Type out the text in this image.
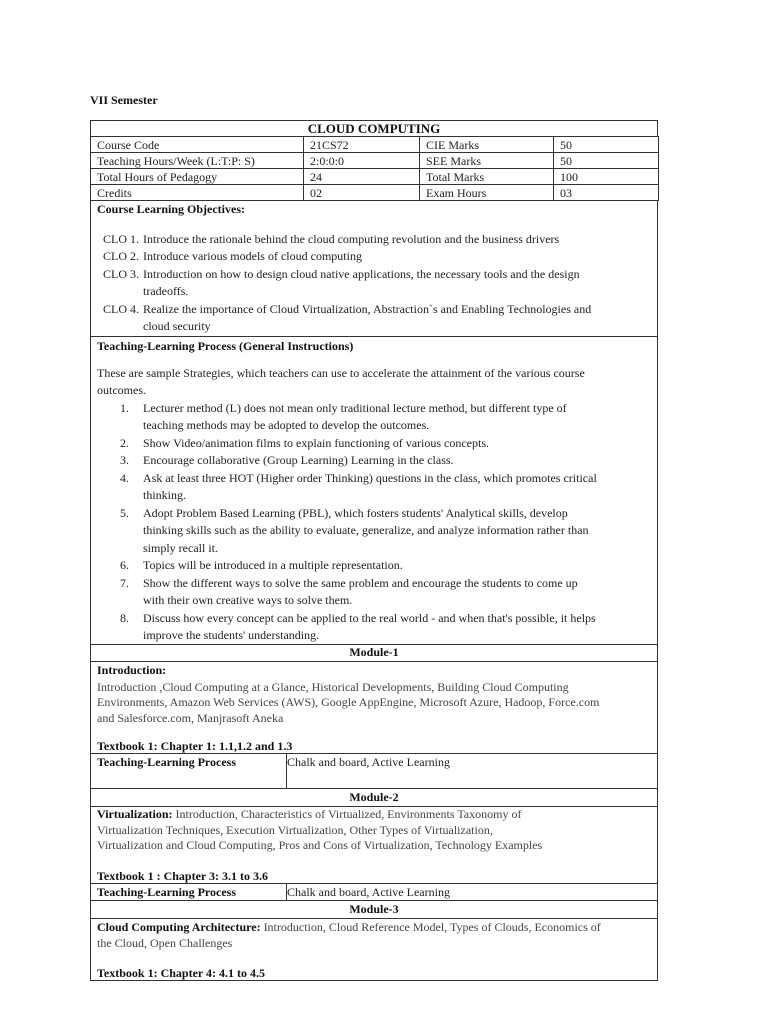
VII Semester
CLOUD COMPUTING
Course Code	21CS72	CIE Marks	50
Teaching Hours/Week (L:T:P: S)	2:0:0:0	SEE Marks	50
Total Hours of Pedagogy	24	Total Marks	100
Credits	02	Exam Hours	03
Course Learning Objectives:
CLO 1. Introduce the rationale behind the cloud computing revolution and the business drivers
CLO 2. Introduce various models of cloud computing
CLO 3. Introduction on how to design cloud native applications, the necessary tools and the design
tradeoffs.
CLO 4. Realize the importance of Cloud Virtualization, Abstraction`s and Enabling Technologies and
cloud security
Teaching-Learning Process (General Instructions)
These are sample Strategies, which teachers can use to accelerate the attainment of the various course
outcomes.
1. Lecturer method (L) does not mean only traditional lecture method, but different type of
teaching methods may be adopted to develop the outcomes.
2. Show Video/animation films to explain functioning of various concepts.
3. Encourage collaborative (Group Learning) Learning in the class.
4. Ask at least three HOT (Higher order Thinking) questions in the class, which promotes critical
thinking.
5. Adopt Problem Based Learning (PBL), which fosters students' Analytical skills, develop
thinking skills such as the ability to evaluate, generalize, and analyze information rather than
simply recall it.
6. Topics will be introduced in a multiple representation.
7. Show the different ways to solve the same problem and encourage the students to come up
with their own creative ways to solve them.
8. Discuss how every concept can be applied to the real world - and when that's possible, it helps
improve the students' understanding.
Module-1
Introduction:
Introduction ,Cloud Computing at a Glance, Historical Developments, Building Cloud Computing
Environments, Amazon Web Services (AWS), Google AppEngine, Microsoft Azure, Hadoop, Force.com
and Salesforce.com, Manjrasoft Aneka
Textbook 1: Chapter 1: 1.1,1.2 and 1.3
Teaching-Learning Process	Chalk and board, Active Learning
Module-2
Virtualization: Introduction, Characteristics of Virtualized, Environments Taxonomy of
Virtualization Techniques, Execution Virtualization, Other Types of Virtualization,
Virtualization and Cloud Computing, Pros and Cons of Virtualization, Technology Examples
Textbook 1 : Chapter 3: 3.1 to 3.6
Teaching-Learning Process	Chalk and board, Active Learning
Module-3
Cloud Computing Architecture: Introduction, Cloud Reference Model, Types of Clouds, Economics of
the Cloud, Open Challenges
Textbook 1: Chapter 4: 4.1 to 4.5
